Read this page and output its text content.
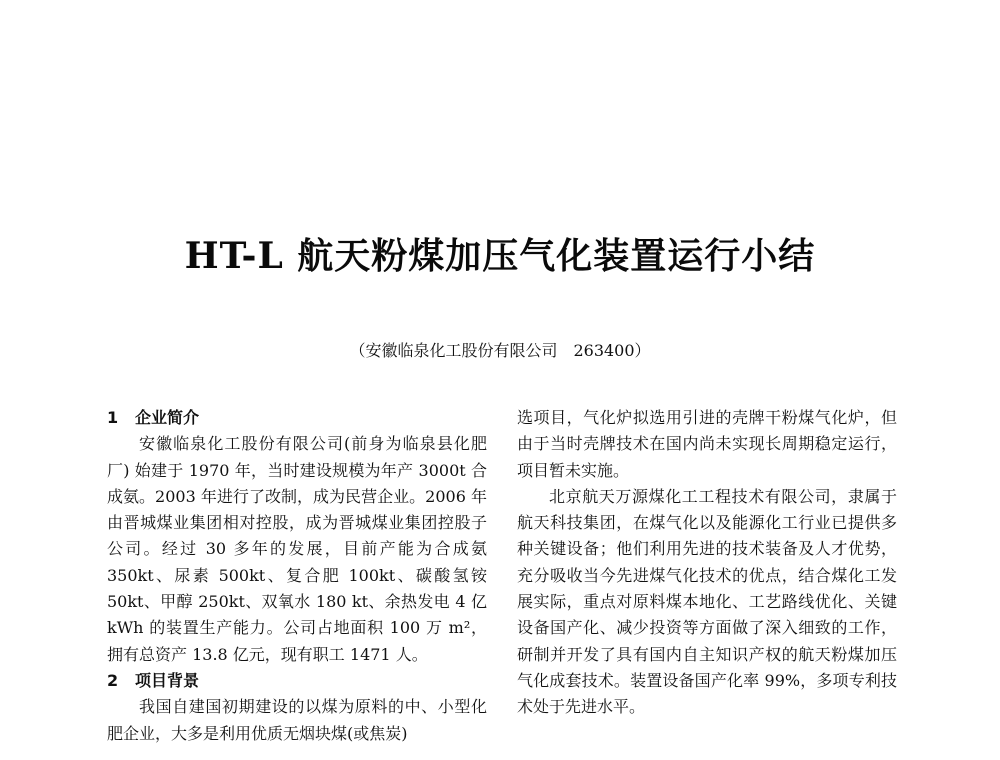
HT-L 航天粉煤加压气化装置运行小结
（安徽临泉化工股份有限公司　263400）
1 企业简介

安徽临泉化工股份有限公司(前身为临泉县化肥厂) 始建于 1970 年，当时建设规模为年产 3000t 合成氨。2003 年进行了改制，成为民营企业。2006 年由晋城煤业集团相对控股，成为晋城煤业集团控股子公司。经过 30 多年的发展，目前产能为合成氨 350kt、尿素 500kt、复合肥 100kt、碳酸氢铵 50kt、甲醇 250kt、双氧水 180 kt、余热发电 4 亿 kWh 的装置生产能力。公司占地面积 100 万 m²，拥有总资产 13.8 亿元，现有职工 1471 人。

2 项目背景

我国自建国初期建设的以煤为原料的中、小型化肥企业，大多是利用优质无烟块煤(或焦炭)

选项目，气化炉拟选用引进的壳牌干粉煤气化炉，但由于当时壳牌技术在国内尚未实现长周期稳定运行，项目暂未实施。

北京航天万源煤化工工程技术有限公司，隶属于航天科技集团，在煤气化以及能源化工行业已提供多种关键设备；他们利用先进的技术装备及人才优势，充分吸收当今先进煤气化技术的优点，结合煤化工发展实际，重点对原料煤本地化、工艺路线优化、关键设备国产化、减少投资等方面做了深入细致的工作，研制并开发了具有国内自主知识产权的航天粉煤加压气化成套技术。装置设备国产化率 99%，多项专利技术处于先进水平。
